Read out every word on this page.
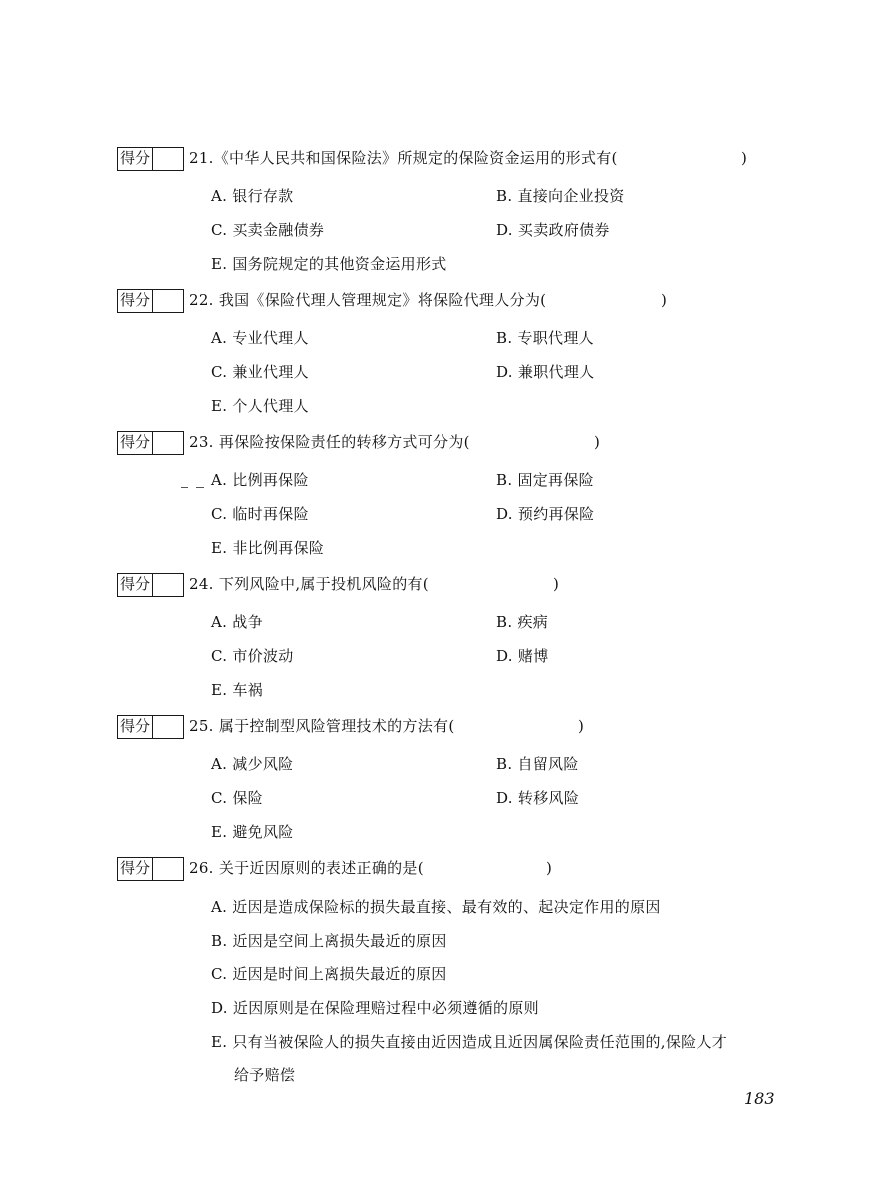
得分	21.《中华人民共和国保险法》所规定的保险资金运用的形式有(	)
A. 银行存款	B. 直接向企业投资
C. 买卖金融债券	D. 买卖政府债券
E. 国务院规定的其他资金运用形式
得分	22. 我国《保险代理人管理规定》将保险代理人分为(	)
A. 专业代理人	B. 专职代理人
C. 兼业代理人	D. 兼职代理人
E. 个人代理人
得分	23. 再保险按保险责任的转移方式可分为(	)
A. 比例再保险	B. 固定再保险
C. 临时再保险	D. 预约再保险
E. 非比例再保险
得分	24. 下列风险中,属于投机风险的有(	)
A. 战争	B. 疾病
C. 市价波动	D. 赌博
E. 车祸
得分	25. 属于控制型风险管理技术的方法有(	)
A. 减少风险	B. 自留风险
C. 保险	D. 转移风险
E. 避免风险
得分	26. 关于近因原则的表述正确的是(	)
A. 近因是造成保险标的损失最直接、最有效的、起决定作用的原因
B. 近因是空间上离损失最近的原因
C. 近因是时间上离损失最近的原因
D. 近因原则是在保险理赔过程中必须遵循的原则
E. 只有当被保险人的损失直接由近因造成且近因属保险责任范围的,保险人才
给予赔偿
183
